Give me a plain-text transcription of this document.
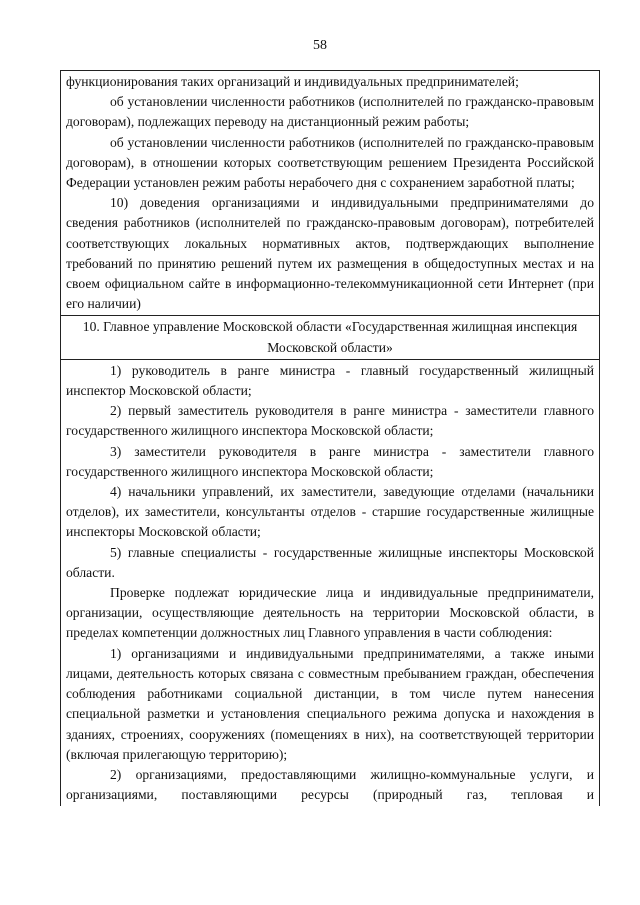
58

функционирования таких организаций и индивидуальных предпринимателей;

об установлении численности работников (исполнителей по гражданско-правовым договорам), подлежащих переводу на дистанционный режим работы;

об установлении численности работников (исполнителей по гражданско-правовым договорам), в отношении которых соответствующим решением Президента Российской Федерации установлен режим работы нерабочего дня с сохранением заработной платы;

10) доведения организациями и индивидуальными предпринимателями до сведения работников (исполнителей по гражданско-правовым договорам), потребителей соответствующих локальных нормативных актов, подтверждающих выполнение требований по принятию решений путем их размещения в общедоступных местах и на своем официальном сайте в информационно-телекоммуникационной сети Интернет (при его наличии)

10. Главное управление Московской области «Государственная жилищная инспекция Московской области»

1) руководитель в ранге министра - главный государственный жилищный инспектор Московской области;

2) первый заместитель руководителя в ранге министра - заместители главного государственного жилищного инспектора Московской области;

3) заместители руководителя в ранге министра - заместители главного государственного жилищного инспектора Московской области;

4) начальники управлений, их заместители, заведующие отделами (начальники отделов), их заместители, консультанты отделов - старшие государственные жилищные инспекторы Московской области;

5) главные специалисты - государственные жилищные инспекторы Московской области.

Проверке подлежат юридические лица и индивидуальные предприниматели, организации, осуществляющие деятельность на территории Московской области, в пределах компетенции должностных лиц Главного управления в части соблюдения:

1) организациями и индивидуальными предпринимателями, а также иными лицами, деятельность которых связана с совместным пребыванием граждан, обеспечения соблюдения работниками социальной дистанции, в том числе путем нанесения специальной разметки и установления специального режима допуска и нахождения в зданиях, строениях, сооружениях (помещениях в них), на соответствующей территории (включая прилегающую территорию);

2) организациями, предоставляющими жилищно-коммунальные услуги, и организациями, поставляющими ресурсы (природный газ, тепловая и
